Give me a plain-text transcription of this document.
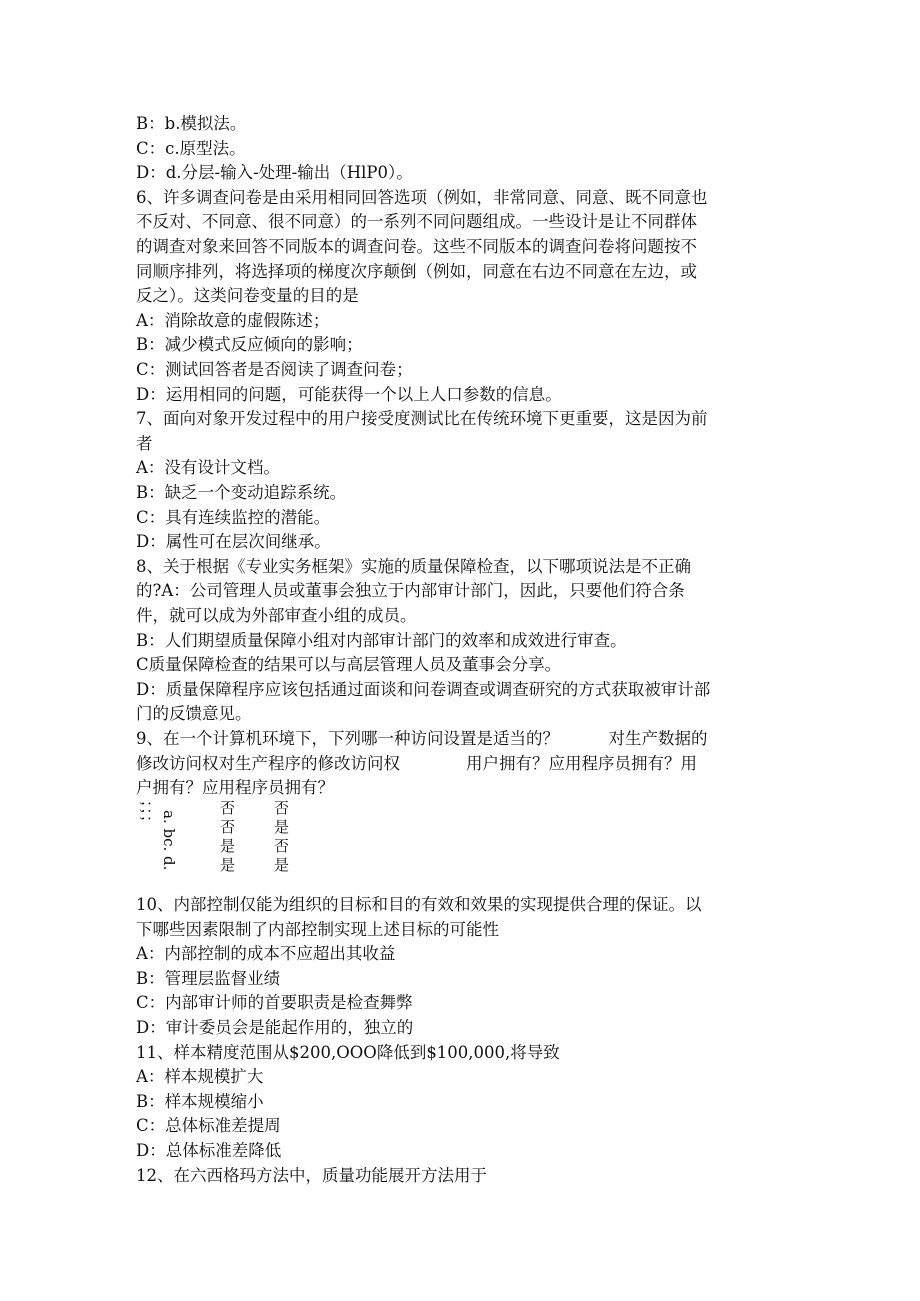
B：b.模拟法。
C：c.原型法。
D：d.分层-输入-处理-输出（HlP0）。
6、许多调查问卷是由采用相同回答选项（例如，非常同意、同意、既不同意也
不反对、不同意、很不同意）的一系列不同问题组成。一些设计是让不同群体
的调查对象来回答不同版本的调查问卷。这些不同版本的调查问卷将问题按不
同顺序排列，将选择项的梯度次序颠倒（例如，同意在右边不同意在左边，或
反之）。这类问卷变量的目的是
A：消除故意的虚假陈述；
B：减少模式反应倾向的影响；
C：测试回答者是否阅读了调查问卷；
D：运用相同的问题，可能获得一个以上人口参数的信息。
7、面向对象开发过程中的用户接受度测试比在传统环境下更重要，这是因为前
者
A：没有设计文档。
B：缺乏一个变动追踪系统。
C：具有连续监控的潜能。
D：属性可在层次间继承。
8、关于根据《专业实务框架》实施的质量保障检查，以下哪项说法是不正确
的?A：公司管理人员或董事会独立于内部审计部门，因此，只要他们符合条
件，就可以成为外部审查小组的成员。
B：人们期望质量保障小组对内部审计部门的效率和成效进行审查。
C质量保障检查的结果可以与高层管理人员及董事会分享。
D：质量保障程序应该包括通过面谈和问卷调查或调查研究的方式获取被审计部
门的反馈意见。
9、在一个计算机环境下，下列哪一种访问设置是适当的？　　　对生产数据的
修改访问权对生产程序的修改访问权　　　　用户拥有？应用程序员拥有？用
户拥有？应用程序员拥有？
；；； a. bc. d.
否	否
否	是
是	否
是	是
10、内部控制仅能为组织的目标和目的有效和效果的实现提供合理的保证。以
下哪些因素限制了内部控制实现上述目标的可能性
A：内部控制的成本不应超出其收益
B：管理层监督业绩
C：内部审计师的首要职责是检查舞弊
D：审计委员会是能起作用的，独立的
11、样本精度范围从$200,OOO降低到$100,000,将导致
A：样本规模扩大
B：样本规模缩小
C：总体标准差提周
D：总体标准差降低
12、在六西格玛方法中，质量功能展开方法用于
